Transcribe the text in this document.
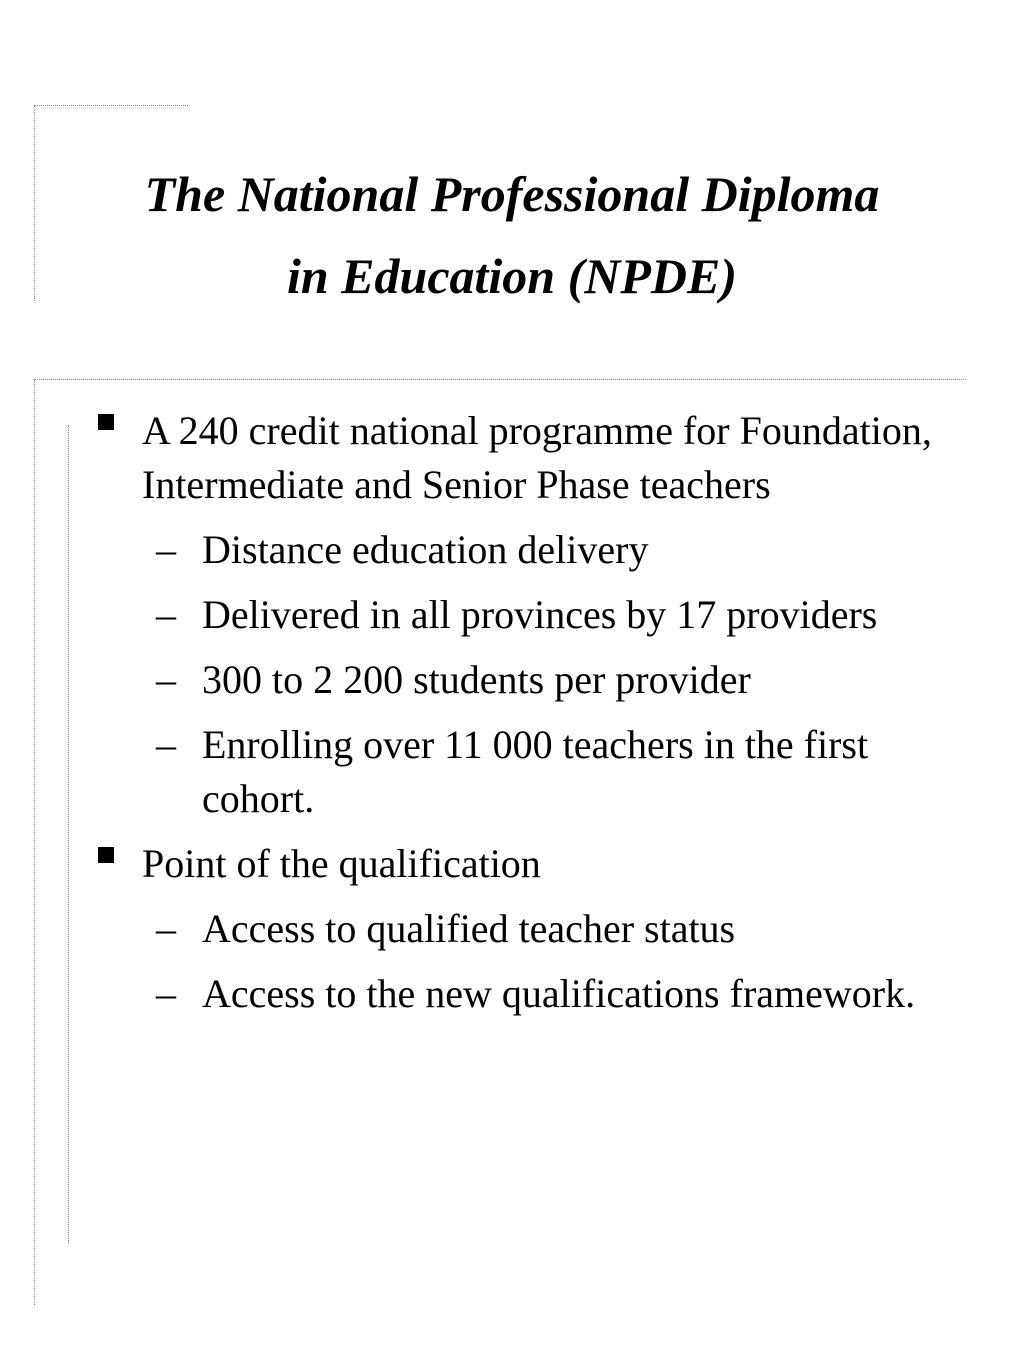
The National Professional Diploma
in Education (NPDE)
A 240 credit national programme for Foundation, Intermediate and Senior Phase teachers
– Distance education delivery
– Delivered in all provinces by 17 providers
– 300 to 2 200 students per provider
– Enrolling over 11 000 teachers in the first cohort.
Point of the qualification
– Access to qualified teacher status
– Access to the new qualifications framework.
